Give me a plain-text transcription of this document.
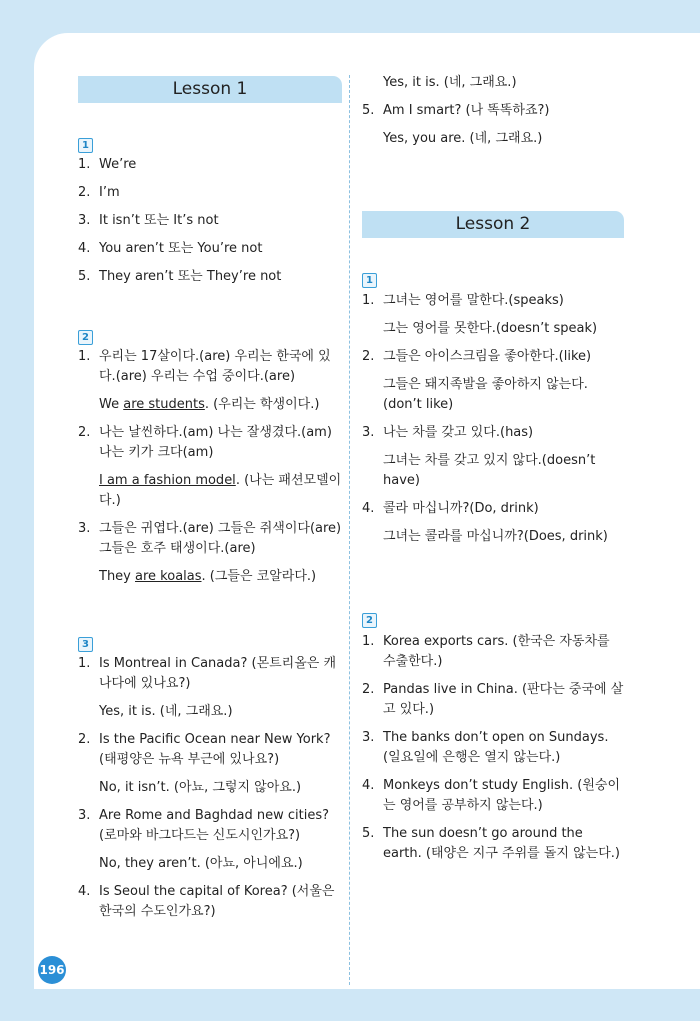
Lesson 1
1
1. We’re
2. I’m
3. It isn’t 또는 It’s not
4. You aren’t 또는 You’re not
5. They aren’t 또는 They’re not
2
1. 우리는 17살이다.(are) 우리는 한국에 있다.(are) 우리는 수업 중이다.(are)
We are students. (우리는 학생이다.)
2. 나는 날씬하다.(am) 나는 잘생겼다.(am) 나는 키가 크다(am)
I am a fashion model. (나는 패션모델이다.)
3. 그들은 귀엽다.(are) 그들은 쥐색이다(are) 그들은 호주 태생이다.(are)
They are koalas. (그들은 코알라다.)
3
1. Is Montreal in Canada? (몬트리올은 캐나다에 있나요?)
Yes, it is. (네, 그래요.)
2. Is the Pacific Ocean near New York? (태평양은 뉴욕 부근에 있나요?)
No, it isn’t. (아뇨, 그렇지 않아요.)
3. Are Rome and Baghdad new cities? (로마와 바그다드는 신도시인가요?)
No, they aren’t. (아뇨, 아니에요.)
4. Is Seoul the capital of Korea? (서울은 한국의 수도인가요?)
Yes, it is. (네, 그래요.)
5. Am I smart? (나 똑똑하죠?)
Yes, you are. (네, 그래요.)
Lesson 2
1
1. 그녀는 영어를 말한다.(speaks)
그는 영어를 못한다.(doesn’t speak)
2. 그들은 아이스크림을 좋아한다.(like)
그들은 돼지족발을 좋아하지 않는다.(don’t like)
3. 나는 차를 갖고 있다.(has)
그녀는 차를 갖고 있지 않다.(doesn’t have)
4. 콜라 마십니까?(Do, drink)
그녀는 콜라를 마십니까?(Does, drink)
2
1. Korea exports cars. (한국은 자동차를 수출한다.)
2. Pandas live in China. (판다는 중국에 살고 있다.)
3. The banks don’t open on Sundays. (일요일에 은행은 열지 않는다.)
4. Monkeys don’t study English. (원숭이는 영어를 공부하지 않는다.)
5. The sun doesn’t go around the earth. (태양은 지구 주위를 돌지 않는다.)
196
